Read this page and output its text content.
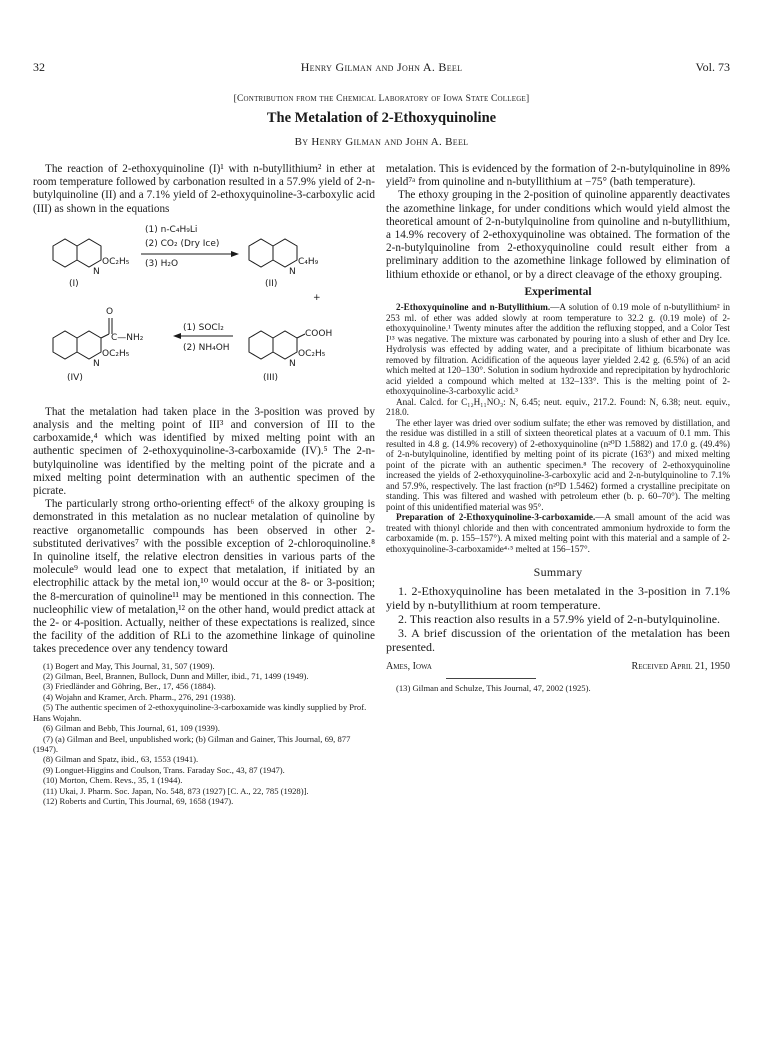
32	Henry Gilman and John A. Beel	Vol. 73
[Contribution from the Chemical Laboratory of Iowa State College]
The Metalation of 2-Ethoxyquinoline
By Henry Gilman and John A. Beel

The reaction of 2-ethoxyquinoline (I)¹ with n-butyllithium² in ether at room temperature followed by carbonation resulted in a 57.9% yield of 2-n-butylquinoline (II) and a 7.1% yield of 2-ethoxyquinoline-3-carboxylic acid (III) as shown in the equations

(1) n-C₄H₉Li
(2) CO₂ (Dry Ice)
(3) H₂O
OC₂H₅
N
C₄H₉
N
(I)	(II)
+
O
C—NH₂
OC₂H₅
N
(1) SOCl₂
(2) NH₄OH
COOH
OC₂H₅
N
(IV)	(III)

That the metalation had taken place in the 3-position was proved by analysis and the melting point of III³ and conversion of III to the carboxamide,⁴ which was identified by mixed melting point with an authentic specimen of 2-ethoxyquinoline-3-carboxamide (IV).⁵ The 2-n-butylquinoline was identified by the melting point of the picrate and a mixed melting point determination with an authentic specimen of the picrate.

The particularly strong ortho-orienting effect⁶ of the alkoxy grouping is demonstrated in this metalation as no nuclear metalation of quinoline by reactive organometallic compounds has been observed in other 2-substituted derivatives⁷ with the possible exception of 2-chloroquinoline.⁸ In quinoline itself, the relative electron densities in various parts of the molecule⁹ would lead one to expect that metalation, if initiated by an electrophilic attack by the metal ion,¹⁰ would occur at the 8- or 3-position; the 8-mercuration of quinoline¹¹ may be mentioned in this connection. The nucleophilic view of metalation,¹² on the other hand, would predict attack at the 2- or 4-position. Actually, neither of these expectations is realized, since the facility of the addition of RLi to the azomethine linkage of quinoline takes precedence over any tendency toward

(1) Bogert and May, This Journal, 31, 507 (1909).

(2) Gilman, Beel, Brannen, Bullock, Dunn and Miller, ibid., 71, 1499 (1949).

(3) Friedländer and Göhring, Ber., 17, 456 (1884).

(4) Wojahn and Kramer, Arch. Pharm., 276, 291 (1938).

(5) The authentic specimen of 2-ethoxyquinoline-3-carboxamide was kindly supplied by Prof. Hans Wojahn.

(6) Gilman and Bebb, This Journal, 61, 109 (1939).

(7) (a) Gilman and Beel, unpublished work; (b) Gilman and Gainer, This Journal, 69, 877 (1947).

(8) Gilman and Spatz, ibid., 63, 1553 (1941).

(9) Longuet-Higgins and Coulson, Trans. Faraday Soc., 43, 87 (1947).

(10) Morton, Chem. Revs., 35, 1 (1944).

(11) Ukai, J. Pharm. Soc. Japan, No. 548, 873 (1927) [C. A., 22, 785 (1928)].

(12) Roberts and Curtin, This Journal, 69, 1658 (1947).

metalation. This is evidenced by the formation of 2-n-butylquinoline in 89% yield⁷ᵃ from quinoline and n-butyllithium at −75° (bath temperature).

The ethoxy grouping in the 2-position of quinoline apparently deactivates the azomethine linkage, for under conditions which would yield almost the theoretical amount of 2-n-butylquinoline from quinoline and n-butyllithium, a 14.9% recovery of 2-ethoxyquinoline was obtained. The formation of the 2-n-butylquinoline from 2-ethoxyquinoline could result either from a preliminary addition to the azomethine linkage followed by elimination of lithium ethoxide or ethanol, or by a direct cleavage of the ethoxy grouping.

Experimental

2-Ethoxyquinoline and n-Butyllithium.—A solution of 0.19 mole of n-butyllithium² in 253 ml. of ether was added slowly at room temperature to 32.2 g. (0.19 mole) of 2-ethoxyquinoline.¹ Twenty minutes after the addition the refluxing stopped, and a Color Test I¹³ was negative. The mixture was carbonated by pouring into a slush of ether and Dry Ice. Hydrolysis was effected by adding water, and a precipitate of lithium bicarbonate was removed by filtration. Acidification of the aqueous layer yielded 2.42 g. (6.5%) of an acid which melted at 120–130°. Solution in sodium hydroxide and reprecipitation by hydrochloric acid yielded a compound which melted at 132–133°. This is the melting point of 2-ethoxyquinoline-3-carboxylic acid.³

Anal. Calcd. for C₁₂H₁₁NO₃: N, 6.45; neut. equiv., 217.2. Found: N, 6.38; neut. equiv., 218.0.

The ether layer was dried over sodium sulfate; the ether was removed by distillation, and the residue was distilled in a still of sixteen theoretical plates at a vacuum of 0.1 mm. This resulted in 4.8 g. (14.9% recovery) of 2-ethoxyquinoline (n²⁰D 1.5882) and 17.0 g. (49.4%) of 2-n-butylquinoline, identified by melting point of its picrate (163°) and mixed melting point of the picrate with an authentic specimen.⁸ The recovery of 2-ethoxyquinoline increased the yields of 2-ethoxyquinoline-3-carboxylic acid and 2-n-butylquinoline to 7.1% and 57.9%, respectively. The last fraction (n²⁰D 1.5462) formed a crystalline precipitate on standing. This was filtered and washed with petroleum ether (b. p. 60–70°). The melting point of this unidentified material was 95°.

Preparation of 2-Ethoxyquinoline-3-carboxamide.—A small amount of the acid was treated with thionyl chloride and then with concentrated ammonium hydroxide to form the carboxamide (m. p. 155–157°). A mixed melting point with this material and a sample of 2-ethoxyquinoline-3-carboxamide⁴·⁵ melted at 156–157°.

Summary

1. 2-Ethoxyquinoline has been metalated in the 3-position in 7.1% yield by n-butyllithium at room temperature.

2. This reaction also results in a 57.9% yield of 2-n-butylquinoline.

3. A brief discussion of the orientation of the metalation has been presented.

Ames, Iowa	Received April 21, 1950

(13) Gilman and Schulze, This Journal, 47, 2002 (1925).
